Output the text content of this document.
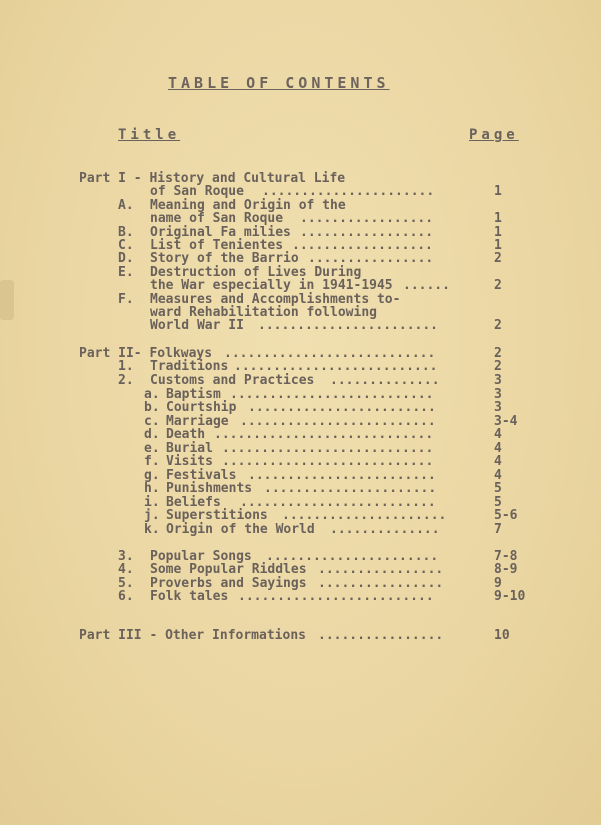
TABLE OF CONTENTS
Title	Page
Part I - History and Cultural Life
of San Roque ......................	1
A. Meaning and Origin of the
name of San Roque .................	1
B. Original Fa milies .................	1
C. List of Tenientes ..................	1
D. Story of the Barrio ................	2
E. Destruction of Lives During
the War especially in 1941-1945 ......	2
F. Measures and Accomplishments to-
ward Rehabilitation following
World War II .......................	2
Part II- Folkways ...........................	2
1. Traditions ..........................	2
2. Customs and Practices ..............	3
a. Baptism ..........................	3
b. Courtship ........................	3
c. Marriage .........................	3-4
d. Death ............................	4
e. Burial ...........................	4
f. Visits ...........................	4
g. Festivals ........................	4
h. Punishments ......................	5
i. Beliefs .........................	5
j. Superstitions .....................	5-6
k. Origin of the World ..............	7
3. Popular Songs ......................	7-8
4. Some Popular Riddles ................	8-9
5. Proverbs and Sayings ................	9
6. Folk tales .........................	9-10
Part III - Other Informations ................	10
